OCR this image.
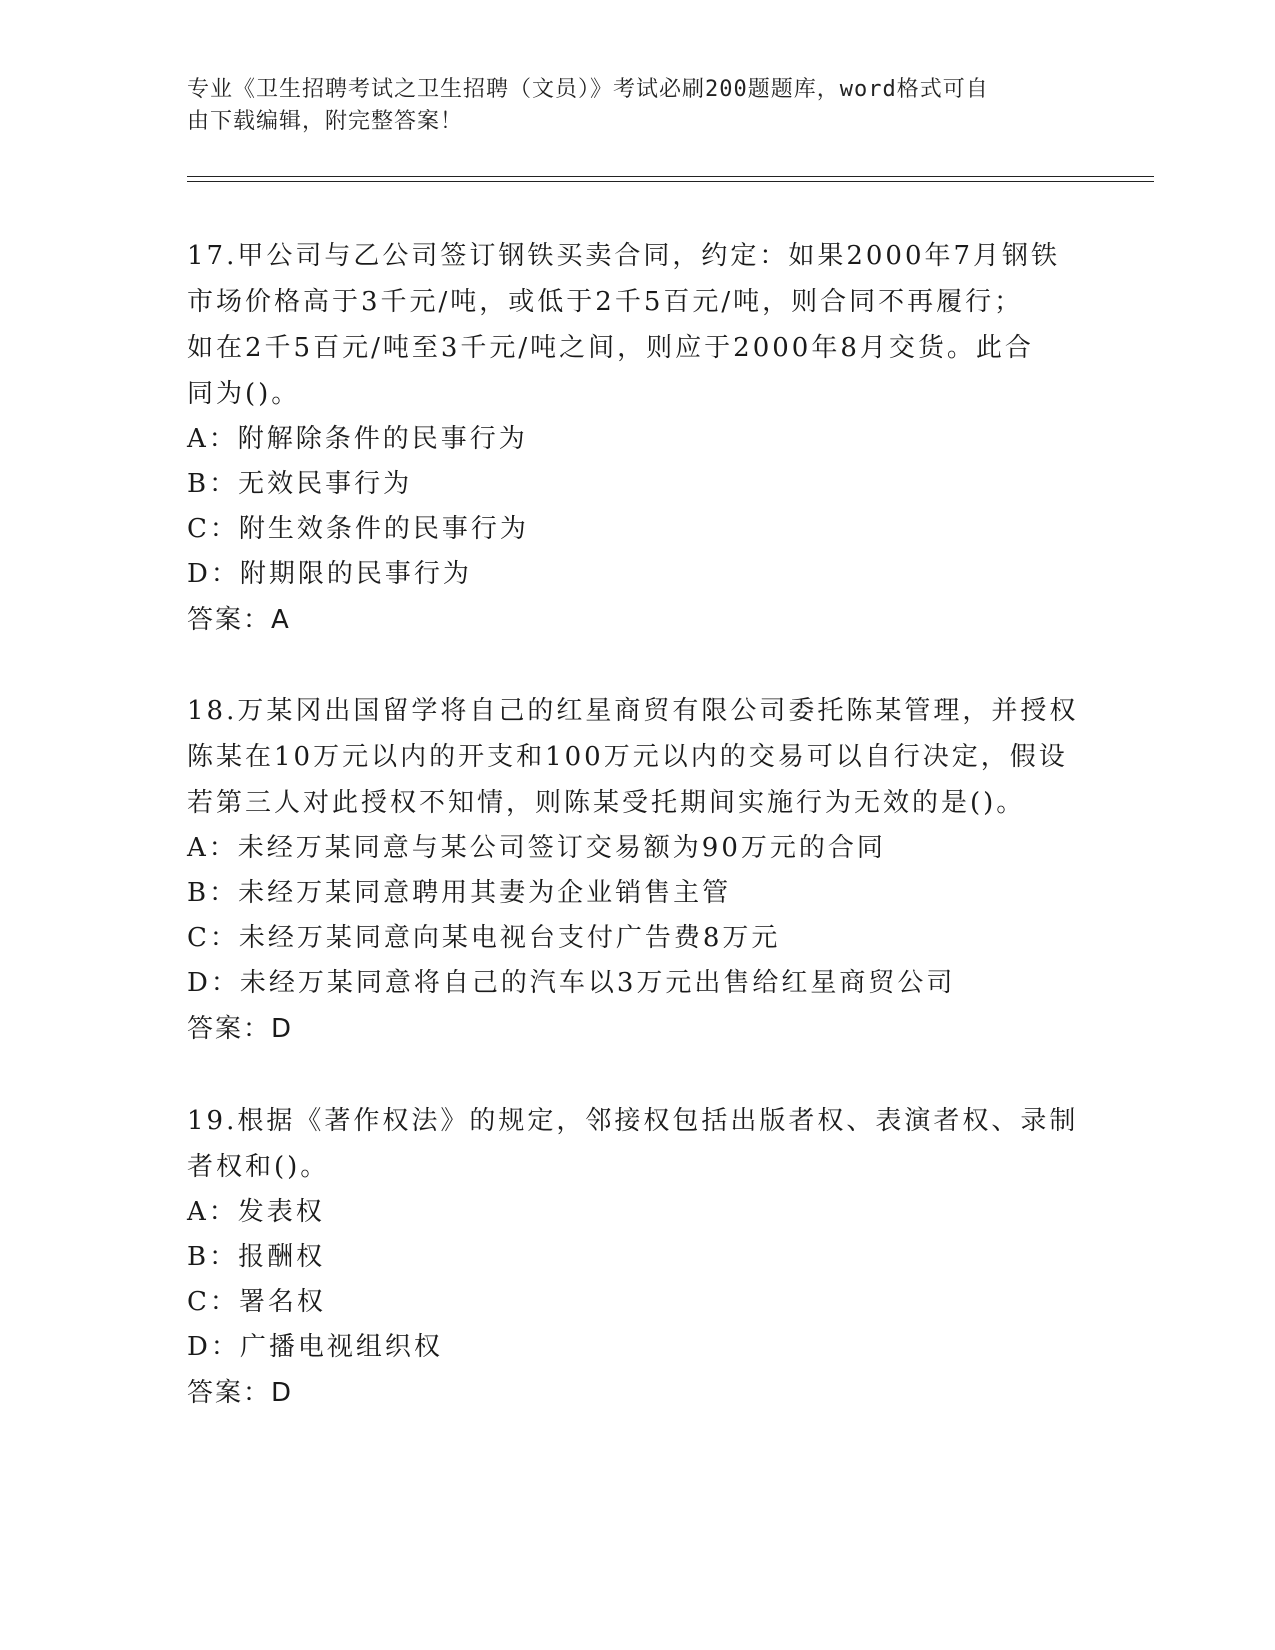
专业《卫生招聘考试之卫生招聘（文员）》考试必刷200题题库，word格式可自
由下载编辑，附完整答案！
17.甲公司与乙公司签订钢铁买卖合同，约定：如果2000年7月钢铁
市场价格高于3千元/吨，或低于2千5百元/吨，则合同不再履行；
如在2千5百元/吨至3千元/吨之间，则应于2000年8月交货。此合
同为()。
A：附解除条件的民事行为
B：无效民事行为
C：附生效条件的民事行为
D：附期限的民事行为
答案：A
18.万某冈出国留学将自己的红星商贸有限公司委托陈某管理，并授权
陈某在10万元以内的开支和100万元以内的交易可以自行决定，假设
若第三人对此授权不知情，则陈某受托期间实施行为无效的是()。
A：未经万某同意与某公司签订交易额为90万元的合同
B：未经万某同意聘用其妻为企业销售主管
C：未经万某同意向某电视台支付广告费8万元
D：未经万某同意将自己的汽车以3万元出售给红星商贸公司
答案：D
19.根据《著作权法》的规定，邻接权包括出版者权、表演者权、录制
者权和()。
A：发表权
B：报酬权
C：署名权
D：广播电视组织权
答案：D
